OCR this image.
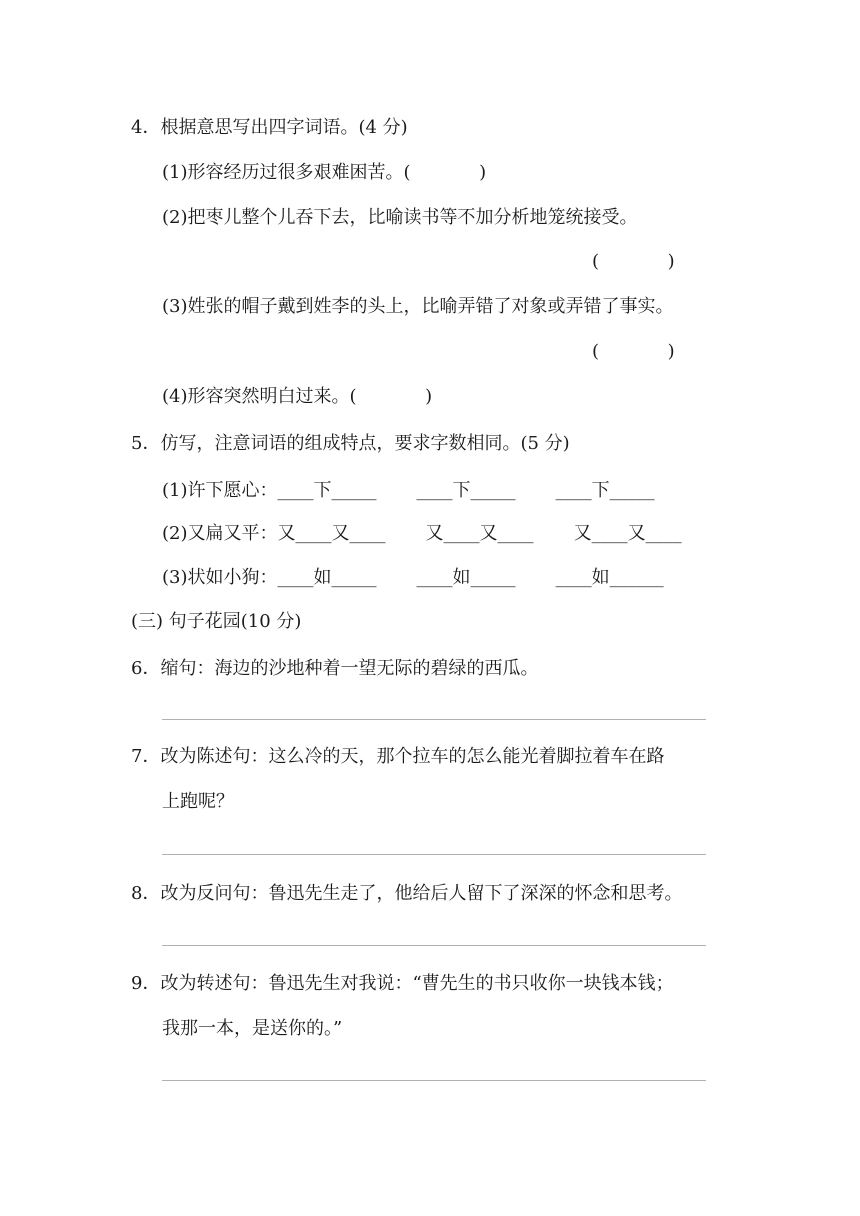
4．根据意思写出四字词语。(4 分)
(1)形容经历过很多艰难困苦。(            )
(2)把枣儿整个儿吞下去，比喻读书等不加分析地笼统接受。
(            )
(3)姓张的帽子戴到姓李的头上，比喻弄错了对象或弄错了事实。
(            )
(4)形容突然明白过来。(            )
5．仿写，注意词语的组成特点，要求字数相同。(5 分)
(1)许下愿心：____下_____       ____下_____       ____下_____
(2)又扁又平：又____又____       又____又____       又____又____
(3)状如小狗：____如_____       ____如_____       ____如______
(三) 句子花园(10 分)
6．缩句：海边的沙地种着一望无际的碧绿的西瓜。
7．改为陈述句：这么冷的天，那个拉车的怎么能光着脚拉着车在路
上跑呢？
8．改为反问句：鲁迅先生走了，他给后人留下了深深的怀念和思考。
9．改为转述句：鲁迅先生对我说：“曹先生的书只收你一块钱本钱；
我那一本，是送你的。”
